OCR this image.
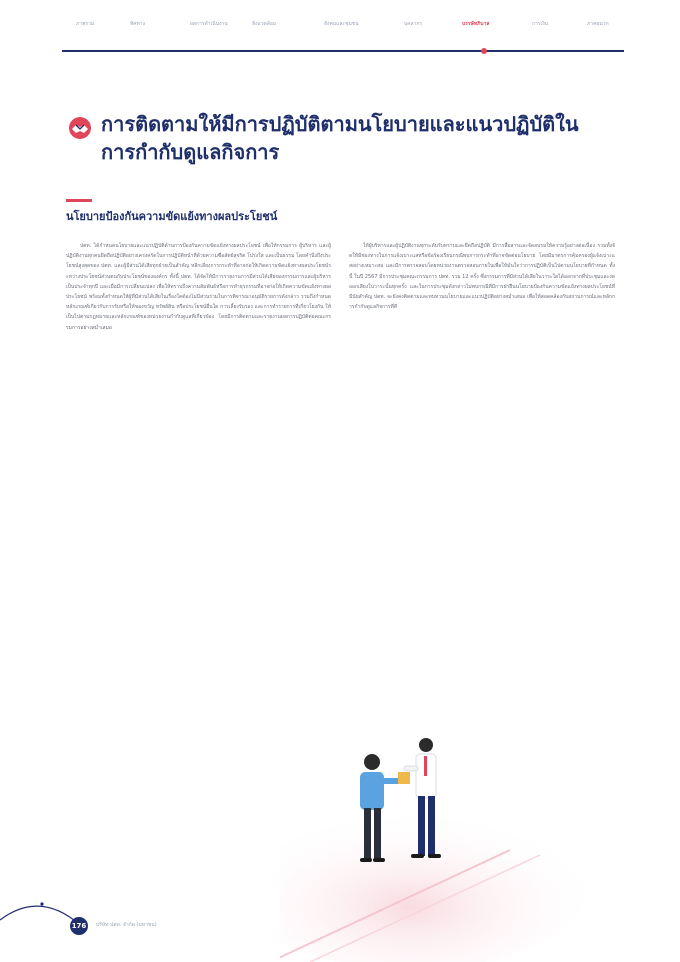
ภาพรวม	ทิศทาง	ผลการดำเนินงาน	สิ่งแวดล้อม	สังคมและชุมชน	บุคลากร	บรรษัทภิบาล	การเงิน	ภาคผนวก
การติดตามให้มีการปฏิบัติตามนโยบายและแนวปฏิบัติในการกำกับดูแลกิจการ
นโยบายป้องกันความขัดแย้งทางผลประโยชน์

ปตท. ได้กำหนดนโยบายและแนวปฏิบัติด้านการป้องกันความขัดแย้งทางผลประโยชน์ เพื่อให้กรรมการ ผู้บริหาร และผู้ปฏิบัติงานทุกคนยึดถือปฏิบัติอย่างเคร่งครัดในการปฏิบัติหน้าที่ด้วยความซื่อสัตย์สุจริต โปร่งใส และเป็นธรรม โดยคำนึงถึงประโยชน์สูงสุดของ ปตท. และผู้มีส่วนได้เสียทุกฝ่ายเป็นสำคัญ หลีกเลี่ยงการกระทำที่อาจก่อให้เกิดความขัดแย้งทางผลประโยชน์ระหว่างประโยชน์ส่วนตนกับประโยชน์ขององค์กร ทั้งนี้ ปตท. ได้จัดให้มีการรายงานการมีส่วนได้เสียของกรรมการและผู้บริหารเป็นประจำทุกปี และเมื่อมีการเปลี่ยนแปลง เพื่อให้ทราบถึงความสัมพันธ์หรือการทำธุรกรรมที่อาจก่อให้เกิดความขัดแย้งทางผลประโยชน์ พร้อมทั้งกำหนดให้ผู้ที่มีส่วนได้เสียในเรื่องใดต้องไม่มีส่วนร่วมในการพิจารณาอนุมัติรายการดังกล่าว รวมถึงกำหนดหลักเกณฑ์เกี่ยวกับการรับหรือให้ของขวัญ ทรัพย์สิน หรือประโยชน์อื่นใด การเลี้ยงรับรอง และการทำรายการที่เกี่ยวโยงกัน ให้เป็นไปตามกฎหมายและหลักเกณฑ์ของหน่วยงานกำกับดูแลที่เกี่ยวข้อง โดยมีการติดตามและรายงานผลการปฏิบัติต่อคณะกรรมการอย่างสม่ำเสมอ

ให้ผู้บริหารและผู้ปฏิบัติงานทุกระดับรับทราบและยึดถือปฏิบัติ มีการสื่อสารและจัดอบรมให้ความรู้อย่างต่อเนื่อง รวมทั้งจัดให้มีช่องทางในการแจ้งเบาะแสหรือข้อร้องเรียนกรณีพบการกระทำที่อาจขัดต่อนโยบาย โดยมีมาตรการคุ้มครองผู้แจ้งเบาะแสอย่างเหมาะสม และมีการตรวจสอบโดยหน่วยงานตรวจสอบภายในเพื่อให้มั่นใจว่าการปฏิบัติเป็นไปตามนโยบายที่กำหนด ทั้งนี้ ในปี 2567 มีการประชุมคณะกรรมการ ปตท. รวม 12 ครั้ง ซึ่งกรรมการที่มีส่วนได้เสียในวาระใดได้ออกจากที่ประชุมและงดออกเสียงในวาระนั้นทุกครั้ง และในการประชุมดังกล่าวไม่พบกรณีที่มีการฝ่าฝืนนโยบายป้องกันความขัดแย้งทางผลประโยชน์ที่มีนัยสำคัญ ปตท. จะยังคงติดตามและทบทวนนโยบายและแนวปฏิบัติอย่างสม่ำเสมอ เพื่อให้สอดคล้องกับสถานการณ์และหลักการกำกับดูแลกิจการที่ดี

176	บริษัท ปตท. จำกัด (มหาชน)
